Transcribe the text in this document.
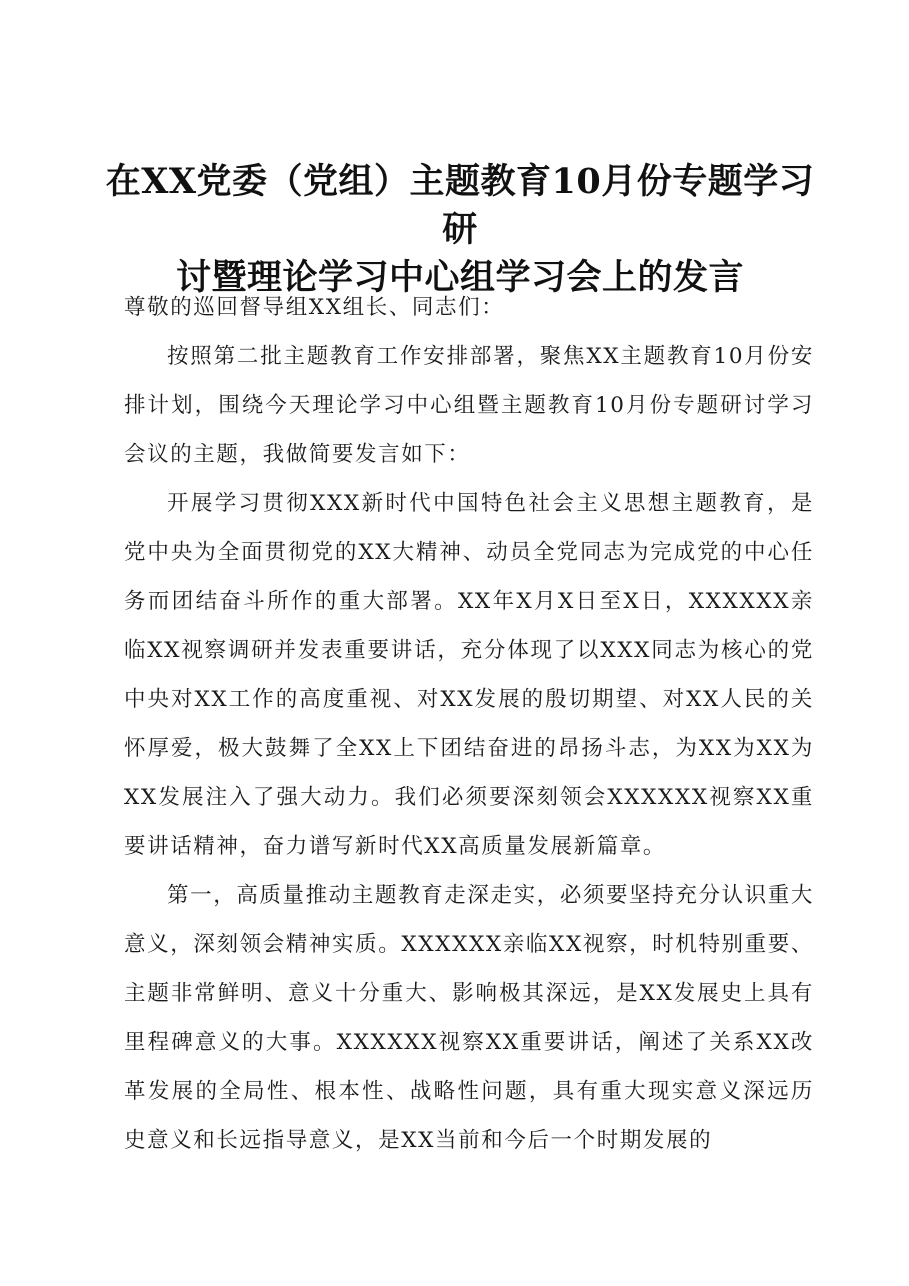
在XX党委（党组）主题教育10月份专题学习研
讨暨理论学习中心组学习会上的发言

尊敬的巡回督导组XX组长、同志们：

按照第二批主题教育工作安排部署，聚焦XX主题教育10月份安排计划，围绕今天理论学习中心组暨主题教育10月份专题研讨学习会议的主题，我做简要发言如下：

开展学习贯彻XXX新时代中国特色社会主义思想主题教育，是党中央为全面贯彻党的XX大精神、动员全党同志为完成党的中心任务而团结奋斗所作的重大部署。XX年X月X日至X日，XXXXXX亲临XX视察调研并发表重要讲话，充分体现了以XXX同志为核心的党中央对XX工作的高度重视、对XX发展的殷切期望、对XX人民的关怀厚爱，极大鼓舞了全XX上下团结奋进的昂扬斗志，为XX为XX为XX发展注入了强大动力。我们必须要深刻领会XXXXXX视察XX重要讲话精神，奋力谱写新时代XX高质量发展新篇章。

第一，高质量推动主题教育走深走实，必须要坚持充分认识重大意义，深刻领会精神实质。XXXXXX亲临XX视察，时机特别重要、主题非常鲜明、意义十分重大、影响极其深远，是XX发展史上具有里程碑意义的大事。XXXXXX视察XX重要讲话，阐述了关系XX改革发展的全局性、根本性、战略性问题，具有重大现实意义深远历史意义和长远指导意义，是XX当前和今后一个时期发展的
